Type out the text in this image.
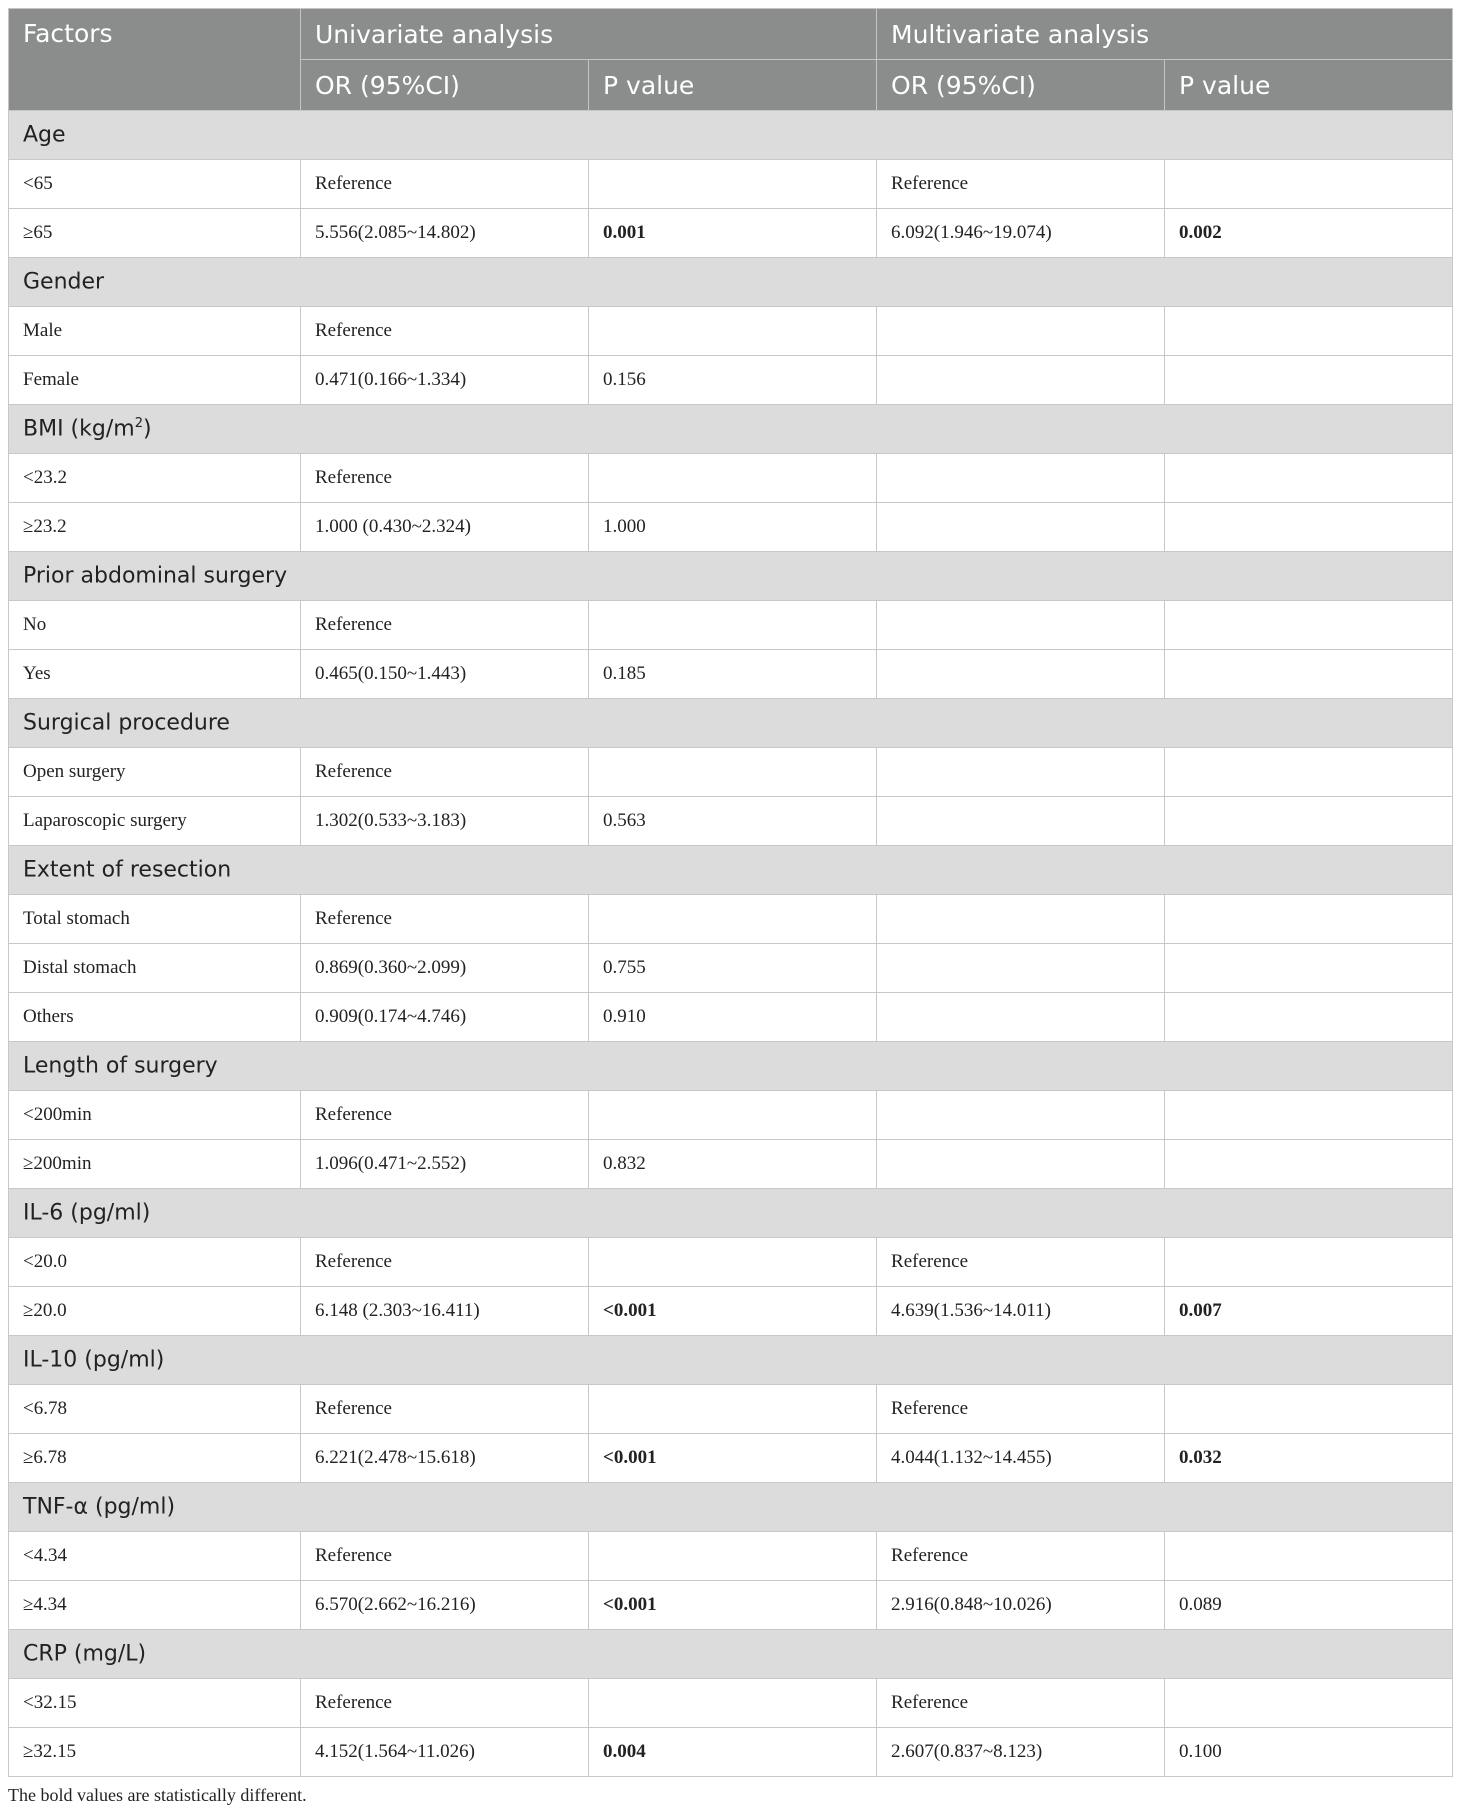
Factors	Univariate analysis		Multivariate analysis	
	OR (95%CI)	P value	OR (95%CI)	P value
Age				
<65	Reference		Reference	
≥65	5.556(2.085~14.802)	0.001	6.092(1.946~19.074)	0.002
Gender				
Male	Reference			
Female	0.471(0.166~1.334)	0.156		
BMI $(kg/m^2)$				
<23.2	Reference			
≥23.2	1.000 (0.430~2.324)	1.000		
Prior abdominal surgery				
No	Reference			
Yes	0.465(0.150~1.443)	0.185		
Surgical procedure				
Open surgery	Reference			
Laparoscopic surgery	1.302(0.533~3.183)	0.563		
Extent of resection				
Total stomach	Reference			
Distal stomach	0.869(0.360~2.099)	0.755		
Others	0.909(0.174~4.746)	0.910		
Length of surgery				
<200min	Reference			
≥200min	1.096(0.471~2.552)	0.832		
IL-6 (pg/ml)				
<20.0	Reference		Reference	
≥20.0	6.148 (2.303~16.411)	<0.001	4.639(1.536~14.011)	0.007
IL-10 (pg/ml)				
<6.78	Reference		Reference	
≥6.78	6.221(2.478~15.618)	<0.001	4.044(1.132~14.455)	0.032
TNF-α (pg/ml)				
<4.34	Reference		Reference	
≥4.34	6.570(2.662~16.216)	<0.001	2.916(0.848~10.026)	0.089
CRP (mg/L)				
<32.15	Reference		Reference	
≥32.15	4.152(1.564~11.026)	0.004	2.607(0.837~8.123)	0.100
The bold values are statistically different.
